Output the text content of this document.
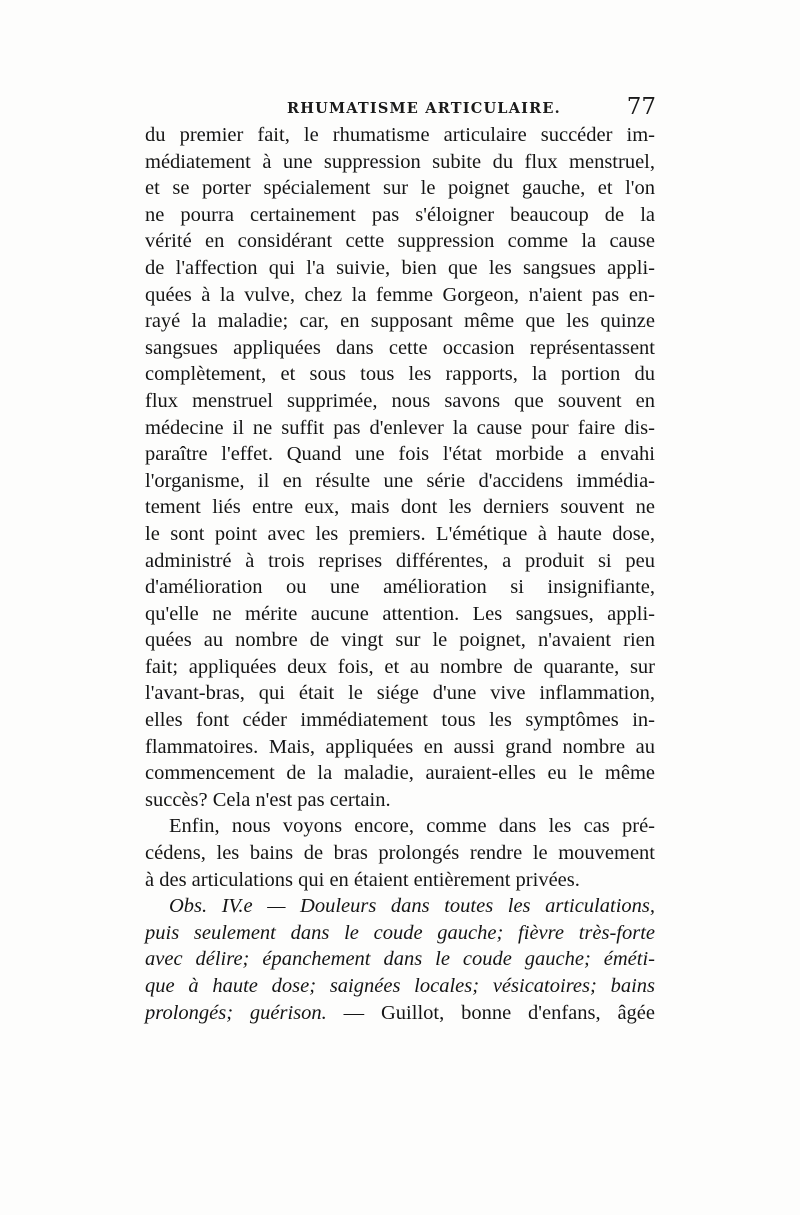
RHUMATISME ARTICULAIRE.	77
du premier fait, le rhumatisme articulaire succéder im-
médiatement à une suppression subite du flux menstruel,
et se porter spécialement sur le poignet gauche, et l'on
ne pourra certainement pas s'éloigner beaucoup de la
vérité en considérant cette suppression comme la cause
de l'affection qui l'a suivie, bien que les sangsues appli-
quées à la vulve, chez la femme Gorgeon, n'aient pas en-
rayé la maladie; car, en supposant même que les quinze
sangsues appliquées dans cette occasion représentassent
complètement, et sous tous les rapports, la portion du
flux menstruel supprimée, nous savons que souvent en
médecine il ne suffit pas d'enlever la cause pour faire dis-
paraître l'effet. Quand une fois l'état morbide a envahi
l'organisme, il en résulte une série d'accidens immédia-
tement liés entre eux, mais dont les derniers souvent ne
le sont point avec les premiers. L'émétique à haute dose,
administré à trois reprises différentes, a produit si peu
d'amélioration ou une amélioration si insignifiante,
qu'elle ne mérite aucune attention. Les sangsues, appli-
quées au nombre de vingt sur le poignet, n'avaient rien
fait; appliquées deux fois, et au nombre de quarante, sur
l'avant-bras, qui était le siége d'une vive inflammation,
elles font céder immédiatement tous les symptômes in-
flammatoires. Mais, appliquées en aussi grand nombre au
commencement de la maladie, auraient-elles eu le même
succès? Cela n'est pas certain.
Enfin, nous voyons encore, comme dans les cas pré-
cédens, les bains de bras prolongés rendre le mouvement
à des articulations qui en étaient entièrement privées.
Obs. IV.e — Douleurs dans toutes les articulations,
puis seulement dans le coude gauche; fièvre très-forte
avec délire; épanchement dans le coude gauche; éméti-
que à haute dose; saignées locales; vésicatoires; bains
prolongés; guérison. — Guillot, bonne d'enfans, âgée
